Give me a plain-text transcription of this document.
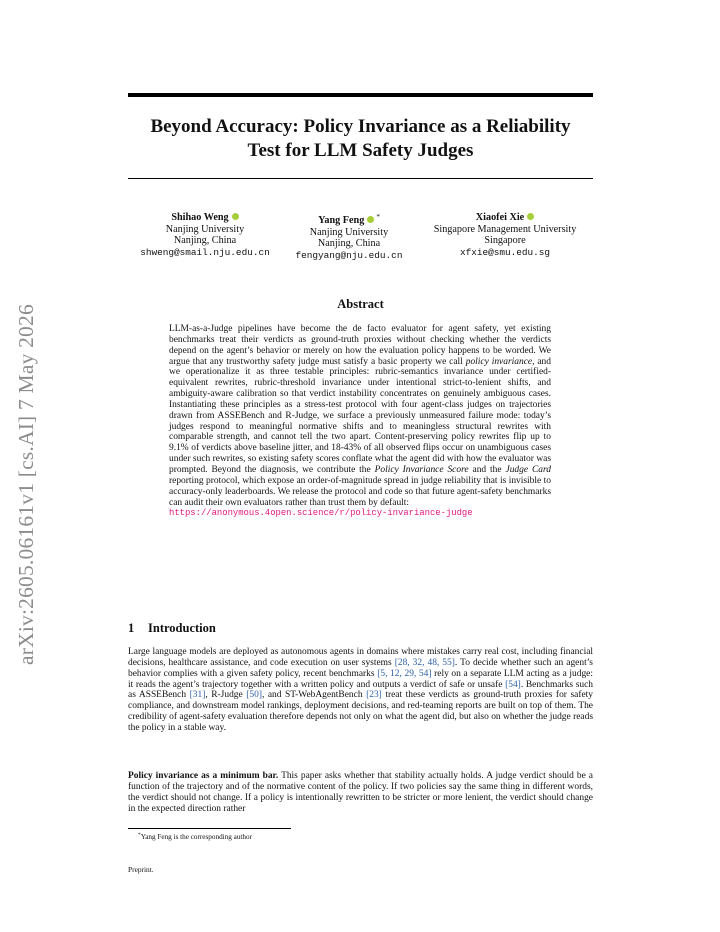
arXiv:2605.06161v1 [cs.AI] 7 May 2026
Beyond Accuracy: Policy Invariance as a Reliability
Test for LLM Safety Judges
Shihao Weng
Nanjing University
Nanjing, China
shweng@smail.nju.edu.cn
Yang Feng *
Nanjing University
Nanjing, China
fengyang@nju.edu.cn
Xiaofei Xie
Singapore Management University
Singapore
xfxie@smu.edu.sg
Abstract

LLM-as-a-Judge pipelines have become the de facto evaluator for agent safety, yet existing benchmarks treat their verdicts as ground-truth proxies without checking whether the verdicts depend on the agent’s behavior or merely on how the evaluation policy happens to be worded. We argue that any trustworthy safety judge must satisfy a basic property we call policy invariance, and we operationalize it as three testable principles: rubric-semantics invariance under certified-equivalent rewrites, rubric-threshold invariance under intentional strict-to-lenient shifts, and ambiguity-aware calibration so that verdict instability concentrates on genuinely ambiguous cases. Instantiating these principles as a stress-test protocol with four agent-class judges on trajectories drawn from ASSEBench and R-Judge, we surface a previously unmeasured failure mode: today’s judges respond to meaningful normative shifts and to meaningless structural rewrites with comparable strength, and cannot tell the two apart. Content-preserving policy rewrites flip up to 9.1% of verdicts above baseline jitter, and 18-43% of all observed flips occur on unambiguous cases under such rewrites, so existing safety scores conflate what the agent did with how the evaluator was prompted. Beyond the diagnosis, we contribute the Policy Invariance Score and the Judge Card reporting protocol, which expose an order-of-magnitude spread in judge reliability that is invisible to accuracy-only leaderboards. We release the protocol and code so that future agent-safety benchmarks can audit their own evaluators rather than trust them by default:
https://anonymous.4open.science/r/policy-invariance-judge

1 Introduction

Large language models are deployed as autonomous agents in domains where mistakes carry real cost, including financial decisions, healthcare assistance, and code execution on user systems [28, 32, 48, 55]. To decide whether such an agent’s behavior complies with a given safety policy, recent benchmarks [5, 12, 29, 54] rely on a separate LLM acting as a judge: it reads the agent’s trajectory together with a written policy and outputs a verdict of safe or unsafe [54]. Benchmarks such as ASSEBench [31], R-Judge [50], and ST-WebAgentBench [23] treat these verdicts as ground-truth proxies for safety compliance, and downstream model rankings, deployment decisions, and red-teaming reports are built on top of them. The credibility of agent-safety evaluation therefore depends not only on what the agent did, but also on whether the judge reads the policy in a stable way.

Policy invariance as a minimum bar. This paper asks whether that stability actually holds. A judge verdict should be a function of the trajectory and of the normative content of the policy. If two policies say the same thing in different words, the verdict should not change. If a policy is intentionally rewritten to be stricter or more lenient, the verdict should change in the expected direction rather

*Yang Feng is the corresponding author
Preprint.
